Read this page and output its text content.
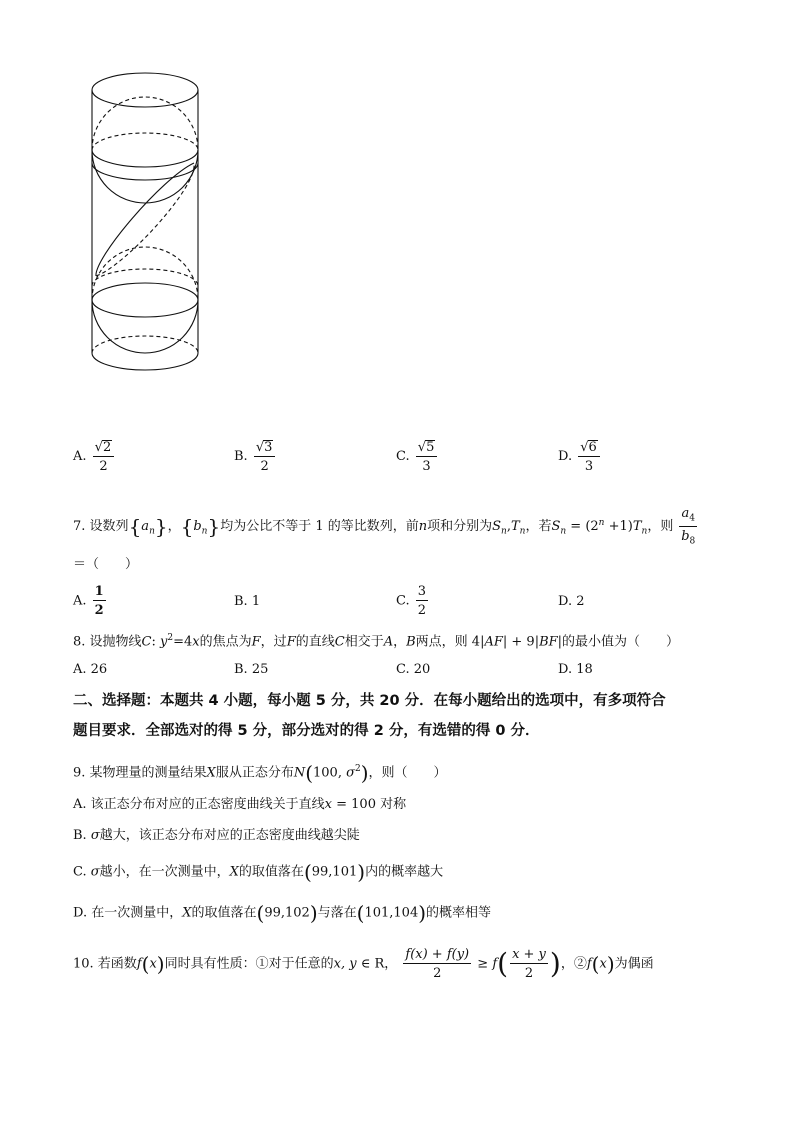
A. $\frac{√2}{2}$	B. $\frac{√3}{2}$	C. $\frac{√5}{3}$	D. $\frac{√6}{3}$
7. 设数列$\{a_n\}$，$\{b_n\}$均为公比不等于 1 的等比数列，前n项和分别为$S_n,T_n$，若$S_n = (2^n +1)T_n$，则 $\frac{a_4}{b_8}$
＝（　　）
A. $\frac{1}{2}$	B. 1	C. $\frac{3}{2}$	D. 2
8. 设抛物线C: $y^2=4x$的焦点为F，过F的直线C相交于A，B两点，则 4|AF| + 9|BF|的最小值为（　　）
A. 26	B. 25	C. 20	D. 18
二、选择题：本题共 4 小题，每小题 5 分，共 20 分．在每小题给出的选项中，有多项符合
题目要求．全部选对的得 5 分，部分选对的得 2 分，有选错的得 0 分．
9. 某物理量的测量结果X服从正态分布N(100, $\sigma^2$)，则（　　）
A. 该正态分布对应的正态密度曲线关于直线x = 100 对称
B. σ越大，该正态分布对应的正态密度曲线越尖陡
C. σ越小，在一次测量中，X的取值落在(99,101)内的概率越大
D. 在一次测量中，X的取值落在(99,102)与落在(101,104)的概率相等
10. 若函数f(x)同时具有性质：①对于任意的x, y ∈ R， $\frac{f(x) + f(y)}{2} \ge f( \frac{x + y}{2}$ )，②f(x)为偶函
